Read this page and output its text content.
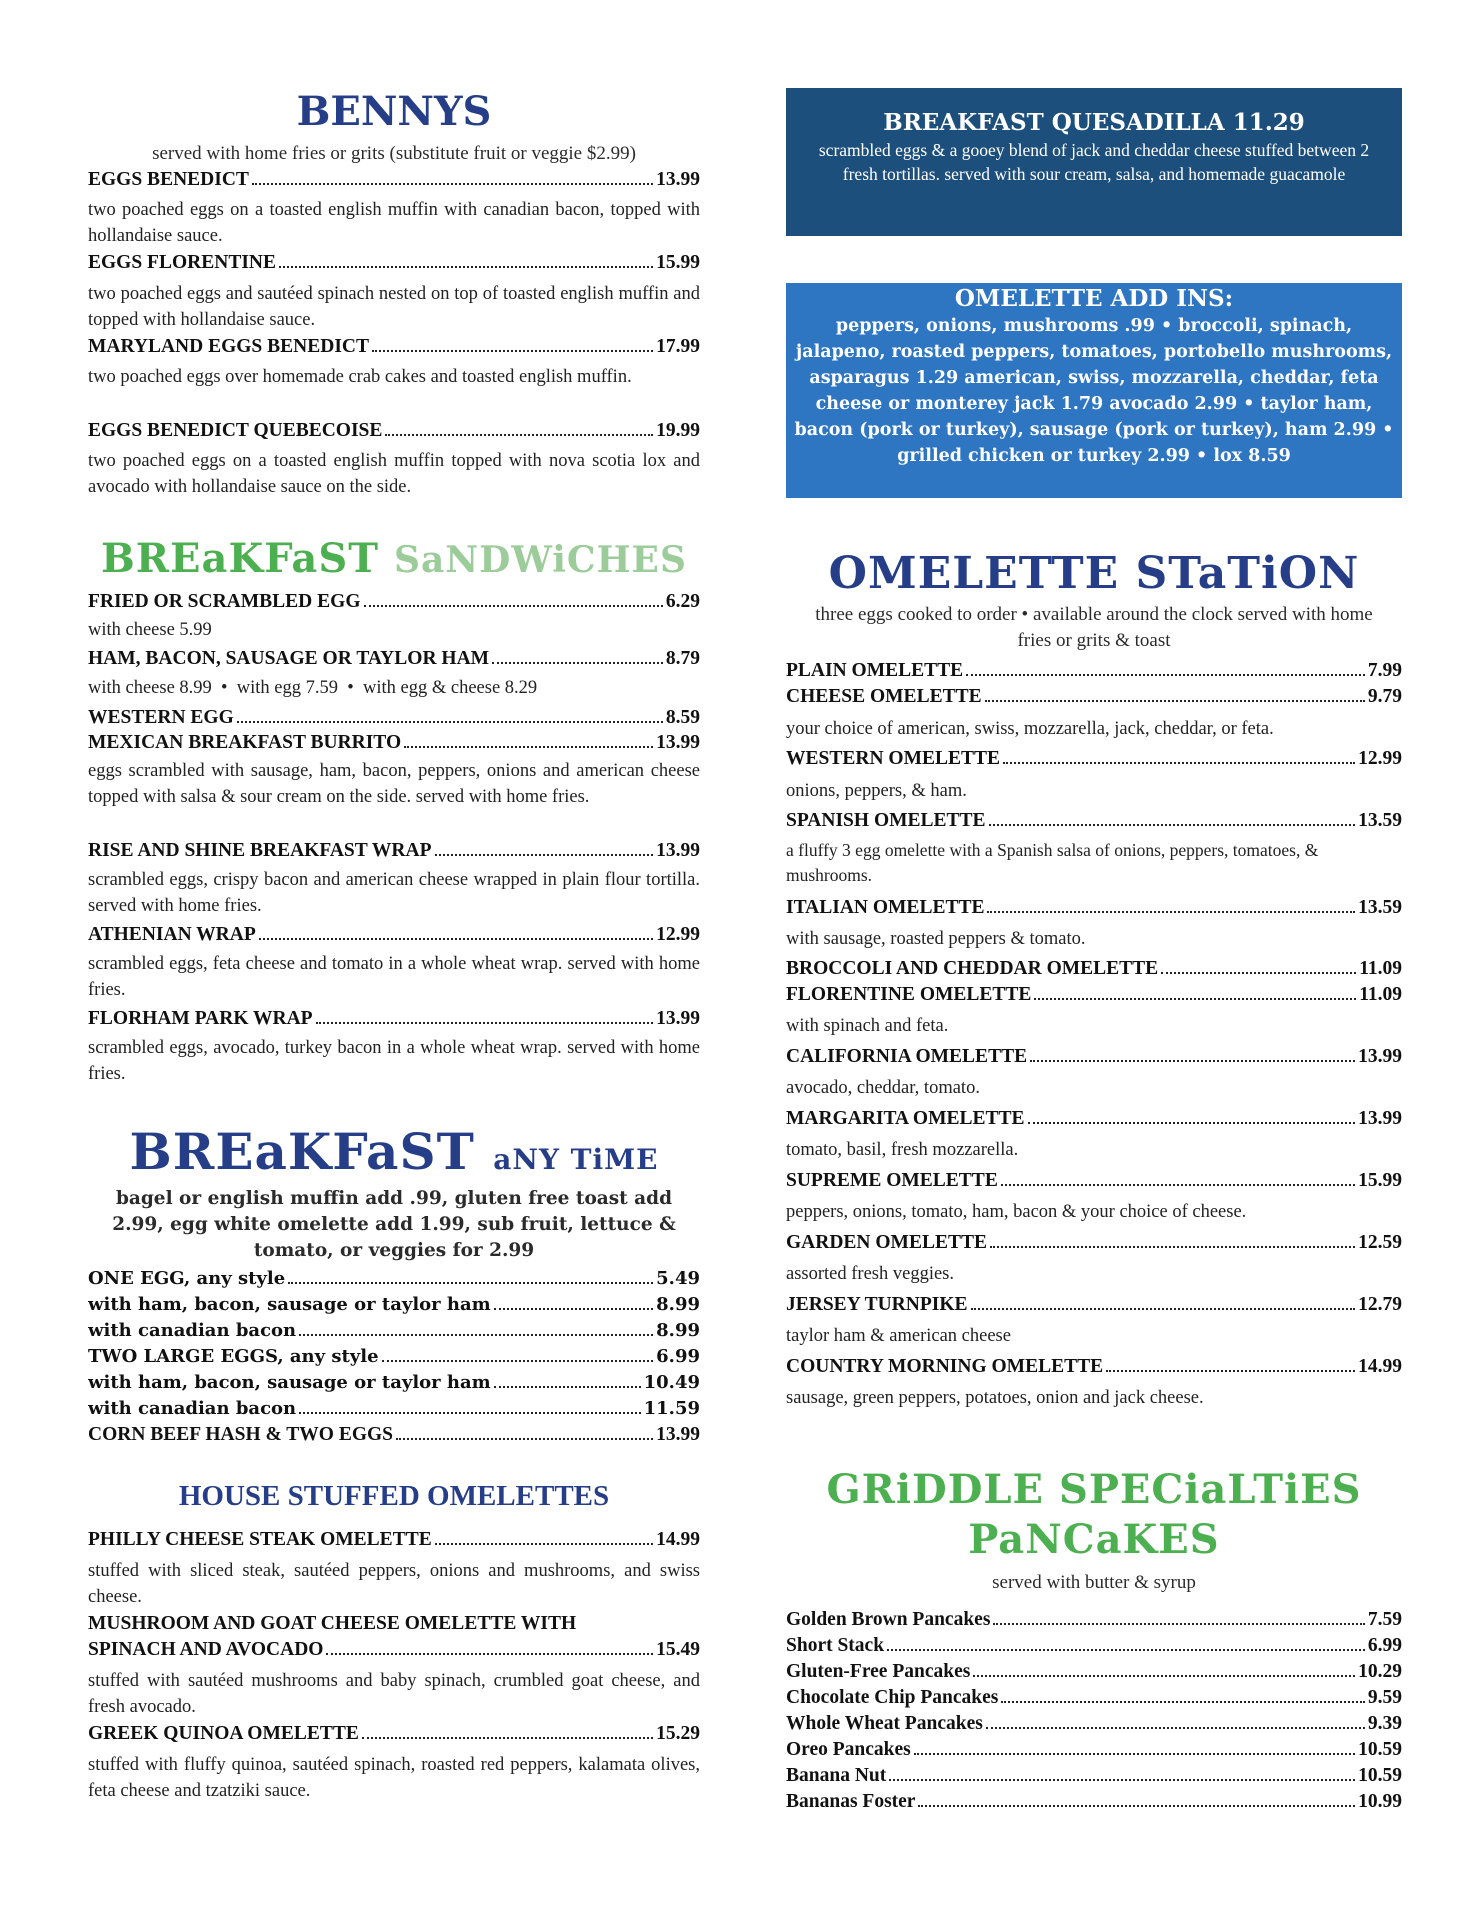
BENNYS
served with home fries or grits (substitute fruit or veggie $2.99)
EGGS BENEDICT	13.99
two poached eggs on a toasted english muffin with canadian bacon, topped with hollandaise sauce.
EGGS FLORENTINE	15.99
two poached eggs and sautéed spinach nested on top of toasted english muffin and topped with hollandaise sauce.
MARYLAND EGGS BENEDICT	17.99
two poached eggs over homemade crab cakes and toasted english muffin.
EGGS BENEDICT QUEBECOISE	19.99
two poached eggs on a toasted english muffin topped with nova scotia lox and avocado with hollandaise sauce on the side.
BREaKFaST SaNDWiCHES
FRIED OR SCRAMBLED EGG	6.29
with cheese 5.99
HAM, BACON, SAUSAGE OR TAYLOR HAM	8.79
with cheese 8.99  •  with egg 7.59  •  with egg & cheese 8.29
WESTERN EGG	8.59
MEXICAN BREAKFAST BURRITO	13.99
eggs scrambled with sausage, ham, bacon, peppers, onions and american cheese topped with salsa & sour cream on the side. served with home fries.
RISE AND SHINE BREAKFAST WRAP	13.99
scrambled eggs, crispy bacon and american cheese wrapped in plain flour tortilla. served with home fries.
ATHENIAN WRAP	12.99
scrambled eggs, feta cheese and tomato in a whole wheat wrap. served with home fries.
FLORHAM PARK WRAP	13.99
scrambled eggs, avocado, turkey bacon in a whole wheat wrap. served with home fries.
BREaKFaST aNY TiME
bagel or english muffin add .99, gluten free toast add 2.99, egg white omelette add 1.99, sub fruit, lettuce & tomato, or veggies for 2.99
ONE EGG, any style	5.49
with ham, bacon, sausage or taylor ham	8.99
with canadian bacon	8.99
TWO LARGE EGGS, any style	6.99
with ham, bacon, sausage or taylor ham	10.49
with canadian bacon	11.59
CORN BEEF HASH & TWO EGGS	13.99
HOUSE STUFFED OMELETTES
PHILLY CHEESE STEAK OMELETTE	14.99
stuffed with sliced steak, sautéed peppers, onions and mushrooms, and swiss cheese.
MUSHROOM AND GOAT CHEESE OMELETTE WITH
SPINACH AND AVOCADO	15.49
stuffed with sautéed mushrooms and baby spinach, crumbled goat cheese, and fresh avocado.
GREEK QUINOA OMELETTE	15.29
stuffed with fluffy quinoa, sautéed spinach, roasted red peppers, kalamata olives, feta cheese and tzatziki sauce.
BREAKFAST QUESADILLA 11.29
scrambled eggs & a gooey blend of jack and cheddar cheese stuffed between 2 fresh tortillas. served with sour cream, salsa, and homemade guacamole
OMELETTE ADD INS:
peppers, onions, mushrooms .99 • broccoli, spinach, jalapeno, roasted peppers, tomatoes, portobello mushrooms, asparagus 1.29 american, swiss, mozzarella, cheddar, feta cheese or monterey jack 1.79 avocado 2.99 • taylor ham, bacon (pork or turkey), sausage (pork or turkey), ham 2.99 • grilled chicken or turkey 2.99 • lox 8.59
OMELETTE STaTiON
three eggs cooked to order • available around the clock served with home fries or grits & toast
PLAIN OMELETTE	7.99
CHEESE OMELETTE	9.79
your choice of american, swiss, mozzarella, jack, cheddar, or feta.
WESTERN OMELETTE	12.99
onions, peppers, & ham.
SPANISH OMELETTE	13.59
a fluffy 3 egg omelette with a Spanish salsa of onions, peppers, tomatoes, & mushrooms.
ITALIAN OMELETTE	13.59
with sausage, roasted peppers & tomato.
BROCCOLI AND CHEDDAR OMELETTE	11.09
FLORENTINE OMELETTE	11.09
with spinach and feta.
CALIFORNIA OMELETTE	13.99
avocado, cheddar, tomato.
MARGARITA OMELETTE	13.99
tomato, basil, fresh mozzarella.
SUPREME OMELETTE	15.99
peppers, onions, tomato, ham, bacon & your choice of cheese.
GARDEN OMELETTE	12.59
assorted fresh veggies.
JERSEY TURNPIKE	12.79
taylor ham & american cheese
COUNTRY MORNING OMELETTE	14.99
sausage, green peppers, potatoes, onion and jack cheese.
GRiDDLE SPECiaLTiES
PaNCaKES
served with butter & syrup
Golden Brown Pancakes	7.59
Short Stack	6.99
Gluten-Free Pancakes	10.29
Chocolate Chip Pancakes	9.59
Whole Wheat Pancakes	9.39
Oreo Pancakes	10.59
Banana Nut	10.59
Bananas Foster	10.99
